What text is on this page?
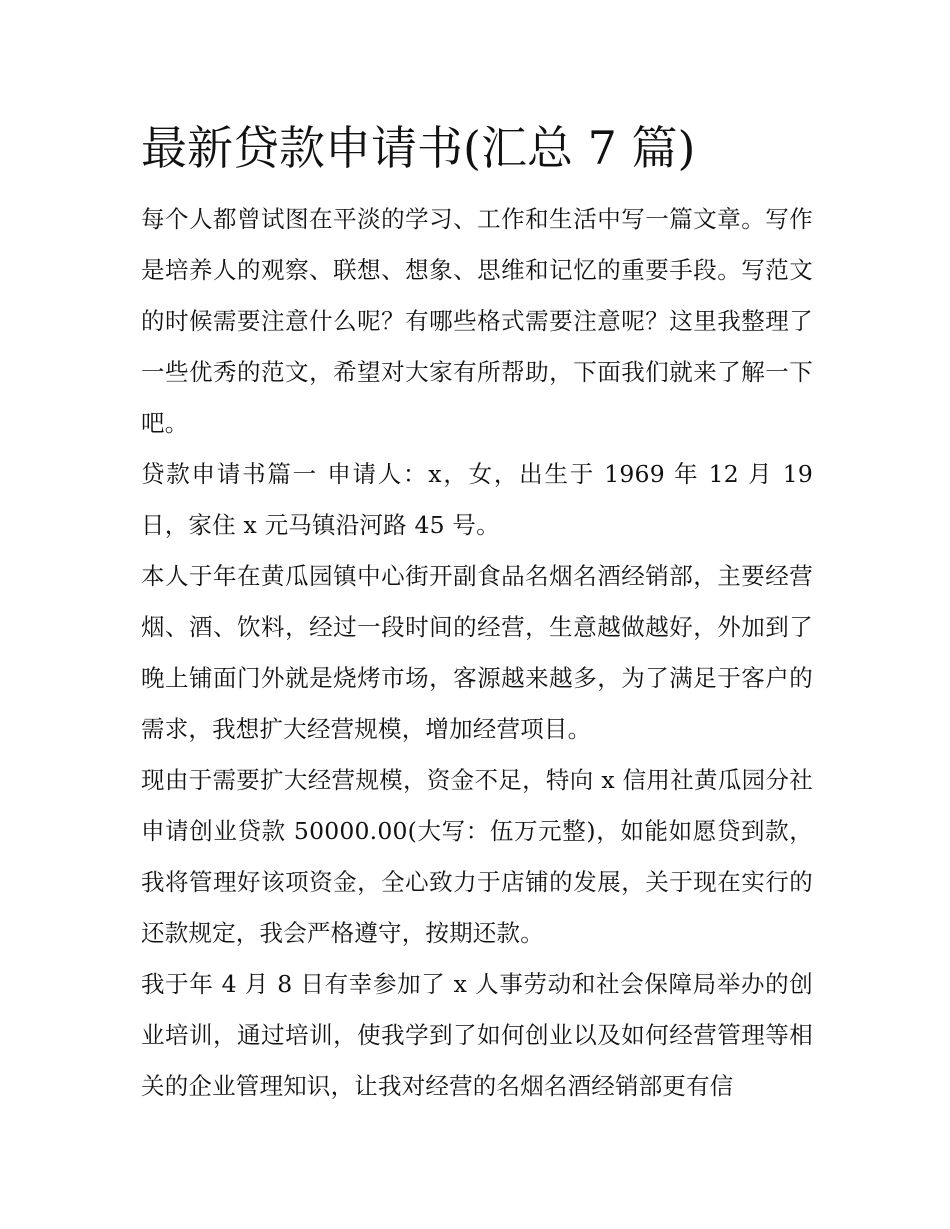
最新贷款申请书(汇总 7 篇)

每个人都曾试图在平淡的学习、工作和生活中写一篇文章。写作是培养人的观察、联想、想象、思维和记忆的重要手段。写范文的时候需要注意什么呢？有哪些格式需要注意呢？这里我整理了一些优秀的范文，希望对大家有所帮助，下面我们就来了解一下吧。

贷款申请书篇一 申请人：x，女，出生于 1969 年 12 月 19 日，家住 x 元马镇沿河路 45 号。

本人于年在黄瓜园镇中心街开副食品名烟名酒经销部，主要经营烟、酒、饮料，经过一段时间的经营，生意越做越好，外加到了晚上铺面门外就是烧烤市场，客源越来越多，为了满足于客户的需求，我想扩大经营规模，增加经营项目。

现由于需要扩大经营规模，资金不足，特向 x 信用社黄瓜园分社申请创业贷款 50000.00(大写：伍万元整)，如能如愿贷到款，我将管理好该项资金，全心致力于店铺的发展，关于现在实行的还款规定，我会严格遵守，按期还款。

我于年 4 月 8 日有幸参加了 x 人事劳动和社会保障局举办的创业培训，通过培训，使我学到了如何创业以及如何经营管理等相关的企业管理知识，让我对经营的名烟名酒经销部更有信
